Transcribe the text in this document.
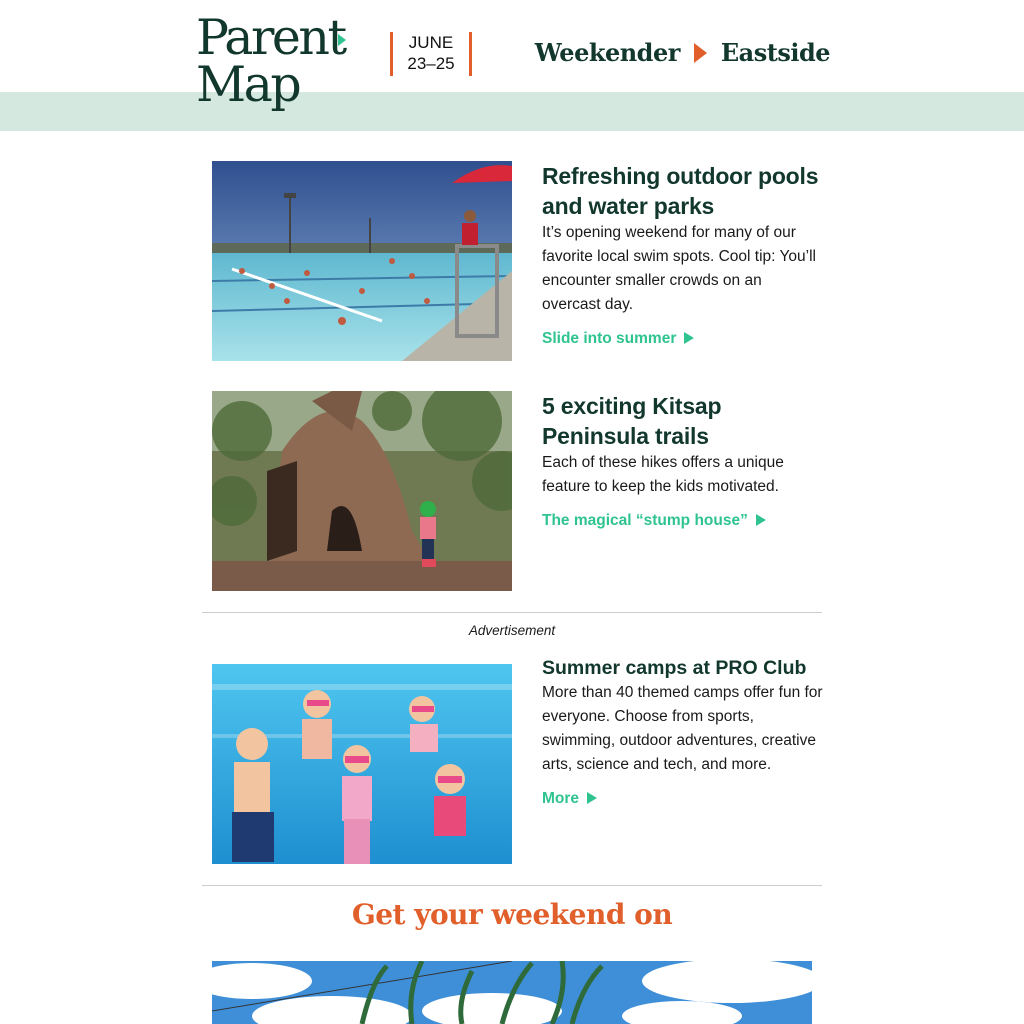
Parent
Map
JUNE
23–25	Weekender Eastside
Refreshing outdoor pools and water parks

It’s opening weekend for many of our favorite local swim spots. Cool tip: You’ll encounter smaller crowds on an overcast day.

Slide into summer
5 exciting Kitsap Peninsula trails

Each of these hikes offers a unique feature to keep the kids motivated.

The magical “stump house”
Advertisement
Summer camps at PRO Club

More than 40 themed camps offer fun for everyone. Choose from sports, swimming, outdoor adventures, creative arts, science and tech, and more.

More
Get your weekend on
